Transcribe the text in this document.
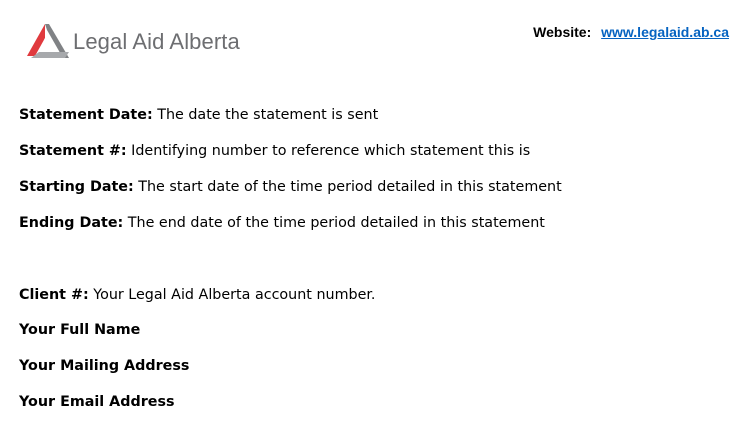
Legal Aid Alberta	Website: www.legalaid.ab.ca
Statement Date: The date the statement is sent
Statement #: Identifying number to reference which statement this is
Starting Date: The start date of the time period detailed in this statement
Ending Date: The end date of the time period detailed in this statement
Client #: Your Legal Aid Alberta account number.
Your Full Name
Your Mailing Address
Your Email Address
